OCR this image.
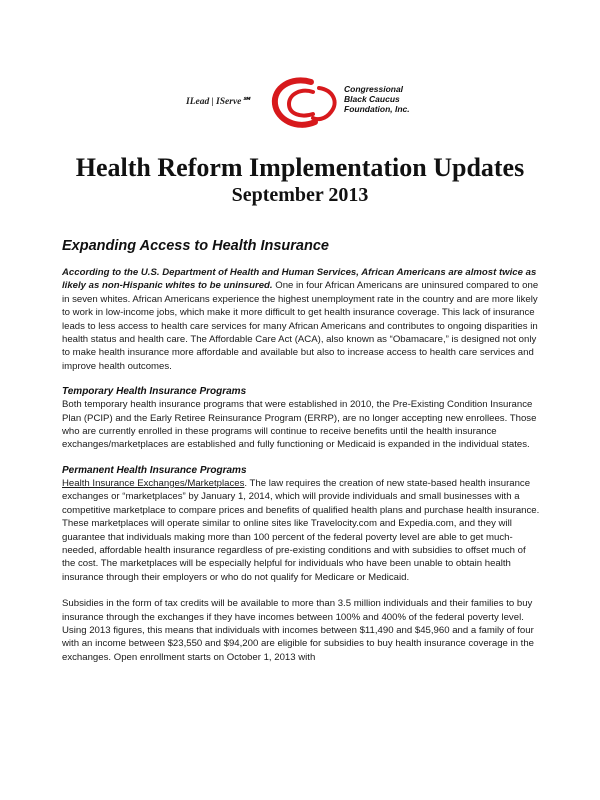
ILead | IServe℠
Congressional
Black Caucus
Foundation, Inc.
Health Reform Implementation Updates
September 2013
Expanding Access to Health Insurance

According to the U.S. Department of Health and Human Services, African Americans are almost twice as likely as non-Hispanic whites to be uninsured. One in four African Americans are uninsured compared to one in seven whites. African Americans experience the highest unemployment rate in the country and are more likely to work in low-income jobs, which make it more difficult to get health insurance coverage. This lack of insurance leads to less access to health care services for many African Americans and contributes to ongoing disparities in health status and health care. The Affordable Care Act (ACA), also known as “Obamacare,” is designed not only to make health insurance more affordable and available but also to increase access to health care services and improve health outcomes.

Temporary Health Insurance Programs

Both temporary health insurance programs that were established in 2010, the Pre-Existing Condition Insurance Plan (PCIP) and the Early Retiree Reinsurance Program (ERRP), are no longer accepting new enrollees. Those who are currently enrolled in these programs will continue to receive benefits until the health insurance exchanges/marketplaces are established and fully functioning or Medicaid is expanded in the individual states.

Permanent Health Insurance Programs

Health Insurance Exchanges/Marketplaces. The law requires the creation of new state-based health insurance exchanges or “marketplaces” by January 1, 2014, which will provide individuals and small businesses with a competitive marketplace to compare prices and benefits of qualified health plans and purchase health insurance. These marketplaces will operate similar to online sites like Travelocity.com and Expedia.com, and they will guarantee that individuals making more than 100 percent of the federal poverty level are able to get much-needed, affordable health insurance regardless of pre-existing conditions and with subsidies to offset much of the cost. The marketplaces will be especially helpful for individuals who have been unable to obtain health insurance through their employers or who do not qualify for Medicare or Medicaid.

Subsidies in the form of tax credits will be available to more than 3.5 million individuals and their families to buy insurance through the exchanges if they have incomes between 100% and 400% of the federal poverty level. Using 2013 figures, this means that individuals with incomes between $11,490 and $45,960 and a family of four with an income between $23,550 and $94,200 are eligible for subsidies to buy health insurance coverage in the exchanges. Open enrollment starts on October 1, 2013 with
